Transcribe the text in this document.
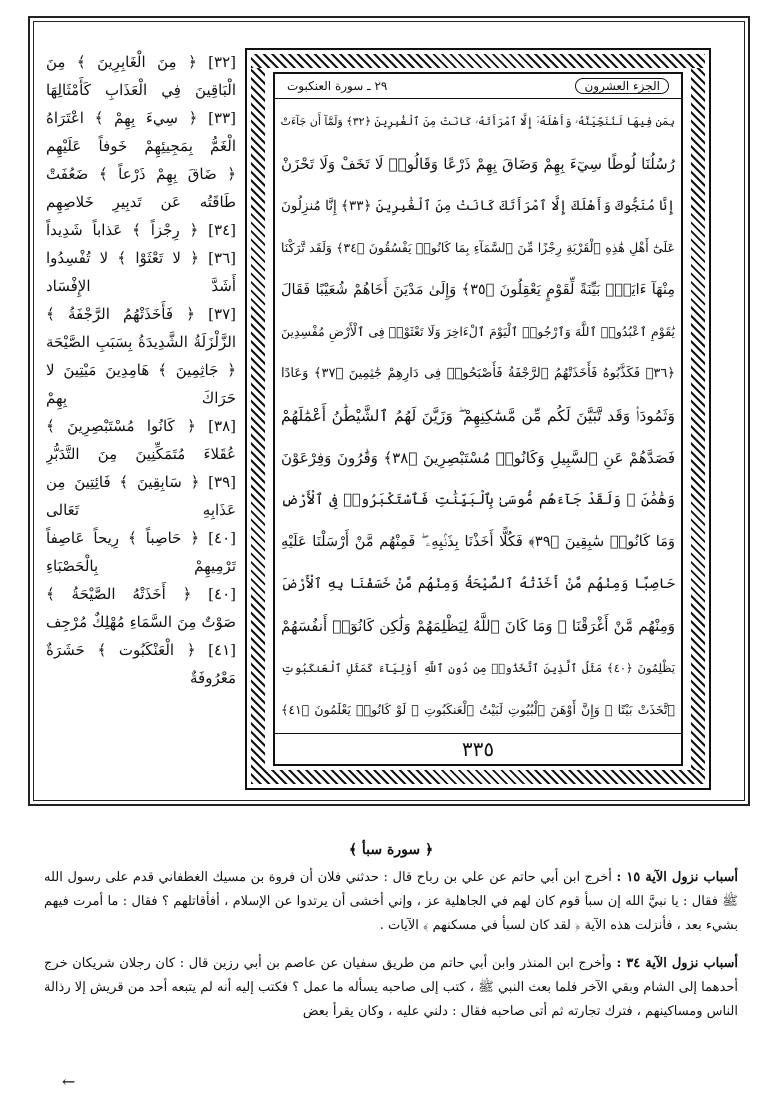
[٣٢] ﴿ مِنَ الْغَابِرِينَ ﴾ مِنَ
الْبَاقِينَ فِي الْعَذَابِ كَأَمْثَالِهَا
[٣٣] ﴿ سِيءَ بِهِمْ ﴾ اعْتَرَاهُ
الْغَمُّ بِمَجِيئِهِمْ خَوفاً عَلَيْهِم
﴿ ضَاقَ بِهِمْ ذَرْعاً ﴾ ضَعُفَتْ
طَاقَتُه عَن تَدبِيرِ خَلاصِهِم
[٣٤] ﴿ رِجْزاً ﴾ عَذاباً شَدِيداً
[٣٦] ﴿ لا تَعْثَوْا ﴾ لا تُفْسِدُوا
أَشَدَّ الإِفْسَاد
[٣٧] ﴿ فَأَخَذَتْهُمُ الرَّجْفَةُ ﴾
الزَّلْزَلَةُ الشَّدِيدَةُ بِسَبَبِ الصَّيْحَة
﴿ جَاثِمِينَ ﴾ هَامِدِينَ مَيْتِينَ لا
حَرَاكَ بِهِمْ
[٣٨] ﴿ كَانُوا مُسْتَبْصِرِينَ ﴾
عُقَلاءَ مُتَمَكِّنِينَ مِنَ التَّدَبُّرِ
[٣٩] ﴿ سَابِقِينَ ﴾ فَائِتِينَ مِن
عَذَابِهِ تَعَالى
[٤٠] ﴿ حَاصِباً ﴾ رِيحاً عَاصِفاً
تَرْمِيهِمْ بِالْحَصْبَاءِ
[٤٠] ﴿ أَخَذَتْهُ الصَّيْحَةُ ﴾
صَوْتٌ مِنَ السَّمَاءِ مُهْلِكٌ مُرْجِف
[٤١] ﴿ الْعَنْكَبُوت ﴾ حَشَرَةٌ
مَعْرُوفَةٌ
الجزء العشرون
٢٩ ـ سورة العنكبوت
بِمَن فِيهَا لَنُنَجِّيَنَّهُۥ وَأَهْلَهُۥٓ إِلَّا ٱمْرَأَتَهُۥ كَانَتْ مِنَ ٱلْغَٰبِرِينَ ﴿٣٢﴾ وَلَمَّآ أَن جَآءَتْ
رُسُلُنَا لُوطًا سِيٓءَ بِهِمْ وَضَاقَ بِهِمْ ذَرْعًا وَقَالُوا۟ لَا تَخَفْ وَلَا تَحْزَنْ
إِنَّا مُنَجُّوكَ وَأَهْلَكَ إِلَّا ٱمْرَأَتَكَ كَانَتْ مِنَ ٱلْغَٰبِرِينَ ﴿٣٣﴾ إِنَّا مُنزِلُونَ
عَلَىٰٓ أَهْلِ هَٰذِهِ ٱلْقَرْيَةِ رِجْزًا مِّنَ ٱلسَّمَآءِ بِمَا كَانُوا۟ يَفْسُقُونَ ﴿٣٤﴾ وَلَقَد تَّرَكْنَا
مِنْهَآ ءَايَةًۢ بَيِّنَةً لِّقَوْمٍ يَعْقِلُونَ ﴿٣٥﴾ وَإِلَىٰ مَدْيَنَ أَخَاهُمْ شُعَيْبًا فَقَالَ
يَٰقَوْمِ ٱعْبُدُوا۟ ٱللَّهَ وَٱرْجُوا۟ ٱلْيَوْمَ ٱلْءَاخِرَ وَلَا تَعْثَوْا۟ فِى ٱلْأَرْضِ مُفْسِدِينَ
﴿٣٦﴾ فَكَذَّبُوهُ فَأَخَذَتْهُمُ ٱلرَّجْفَةُ فَأَصْبَحُوا۟ فِى دَارِهِمْ جَٰثِمِينَ ﴿٣٧﴾ وَعَادًا
وَثَمُودَا۟ وَقَد تَّبَيَّنَ لَكُم مِّن مَّسَٰكِنِهِمْ ۖ وَزَيَّنَ لَهُمُ ٱلشَّيْطَٰنُ أَعْمَٰلَهُمْ
فَصَدَّهُمْ عَنِ ٱلسَّبِيلِ وَكَانُوا۟ مُسْتَبْصِرِينَ ﴿٣٨﴾ وَقَٰرُونَ وَفِرْعَوْنَ
وَهَٰمَٰنَ ۖ وَلَقَدْ جَآءَهُم مُّوسَىٰ بِٱلْبَيِّنَٰتِ فَٱسْتَكْبَرُوا۟ فِى ٱلْأَرْضِ
وَمَا كَانُوا۟ سَٰبِقِينَ ﴿٣٩﴾ فَكُلًّا أَخَذْنَا بِذَنۢبِهِۦ ۖ فَمِنْهُم مَّنْ أَرْسَلْنَا عَلَيْهِ
حَاصِبًا وَمِنْهُم مَّنْ أَخَذَتْهُ ٱلصَّيْحَةُ وَمِنْهُم مَّنْ خَسَفْنَا بِهِ ٱلْأَرْضَ
وَمِنْهُم مَّنْ أَغْرَقْنَا ۚ وَمَا كَانَ ٱللَّهُ لِيَظْلِمَهُمْ وَلَٰكِن كَانُوٓا۟ أَنفُسَهُمْ
يَظْلِمُونَ ﴿٤٠﴾ مَثَلُ ٱلَّذِينَ ٱتَّخَذُوا۟ مِن دُونِ ٱللَّهِ أَوْلِيَآءَ كَمَثَلِ ٱلْعَنكَبُوتِ
ٱتَّخَذَتْ بَيْتًا ۖ وَإِنَّ أَوْهَنَ ٱلْبُيُوتِ لَبَيْتُ ٱلْعَنكَبُوتِ ۖ لَوْ كَانُوا۟ يَعْلَمُونَ ﴿٤١﴾
٣٣٥
﴿ سورة سبأ ﴾

أسباب نزول الآية ١٥ : أخرج ابن أبي حاتم عن علي بن رباح قال : حدثني فلان أن فروة بن مسيك الغطفاني قدم على رسول الله ﷺ فقال : يا نبيَّ الله إن سبأ قوم كان لهم في الجاهلية عز ، وإني أخشى أن يرتدوا عن الإسلام ، أفأقاتلهم ؟ فقال : ما أمرت فيهم بشيء بعد ، فأنزلت هذه الآية ﴿ لقد كان لسبأ في مسكنهم ﴾ الآيات .

أسباب نزول الآية ٣٤ : وأخرج ابن المنذر وابن أبي حاتم من طريق سفيان عن عاصم بن أبي رزين قال : كان رجلان شريكان خرج أحدهما إلى الشام وبقي الآخر فلما بعث النبي ﷺ ، كتب إلى صاحبه يسأله ما عمل ؟ فكتب إليه أنه لم يتبعه أحد من قريش إلا رذالة الناس ومساكينهم ، فترك تجارته ثم أتى صاحبه فقال : دلني عليه ، وكان يقرأ بعض

←
